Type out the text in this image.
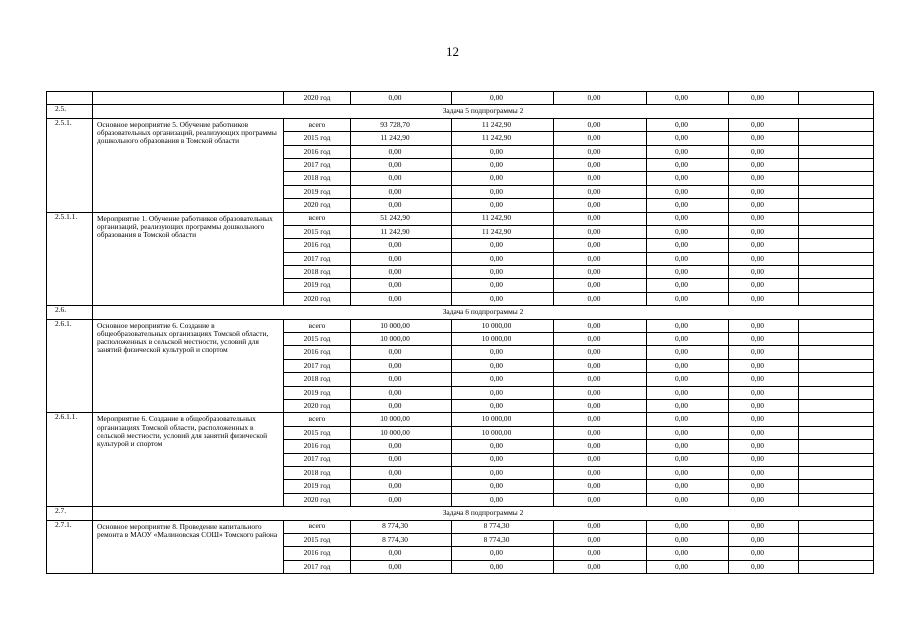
12
		2020 год	0,00	0,00	0,00	0,00	0,00	
2.5.	Задача 5 подпрограммы 2							
2.5.1.	Основное мероприятие 5. Обучение работников образовательных организаций, реализующих программы дошкольного образования в Томской области	всего	93 728,70	11 242,90	0,00	0,00	0,00	
		2015 год	11 242,90	11 242,90	0,00	0,00	0,00	
		2016 год	0,00	0,00	0,00	0,00	0,00	
		2017 год	0,00	0,00	0,00	0,00	0,00	
		2018 год	0,00	0,00	0,00	0,00	0,00	
		2019 год	0,00	0,00	0,00	0,00	0,00	
		2020 год	0,00	0,00	0,00	0,00	0,00	
2.5.1.1.	Мероприятие 1. Обучение работников образовательных организаций, реализующих программы дошкольного образования в Томской области	всего	51 242,90	11 242,90	0,00	0,00	0,00	
		2015 год	11 242,90	11 242,90	0,00	0,00	0,00	
		2016 год	0,00	0,00	0,00	0,00	0,00	
		2017 год	0,00	0,00	0,00	0,00	0,00	
		2018 год	0,00	0,00	0,00	0,00	0,00	
		2019 год	0,00	0,00	0,00	0,00	0,00	
		2020 год	0,00	0,00	0,00	0,00	0,00	
2.6.	Задача 6 подпрограммы 2							
2.6.1.	Основное мероприятие 6. Создание в общеобразовательных организациях Томской области, расположенных в сельской местности, условий для занятий физической культурой и спортом	всего	10 000,00	10 000,00	0,00	0,00	0,00	
		2015 год	10 000,00	10 000,00	0,00	0,00	0,00	
		2016 год	0,00	0,00	0,00	0,00	0,00	
		2017 год	0,00	0,00	0,00	0,00	0,00	
		2018 год	0,00	0,00	0,00	0,00	0,00	
		2019 год	0,00	0,00	0,00	0,00	0,00	
		2020 год	0,00	0,00	0,00	0,00	0,00	
2.6.1.1.	Мероприятие 6. Создание в общеобразовательных организациях Томской области, расположенных в сельской местности, условий для занятий физической культурой и спортом	всего	10 000,00	10 000,00	0,00	0,00	0,00	
		2015 год	10 000,00	10 000,00	0,00	0,00	0,00	
		2016 год	0,00	0,00	0,00	0,00	0,00	
		2017 год	0,00	0,00	0,00	0,00	0,00	
		2018 год	0,00	0,00	0,00	0,00	0,00	
		2019 год	0,00	0,00	0,00	0,00	0,00	
		2020 год	0,00	0,00	0,00	0,00	0,00	
2.7.	Задача 8 подпрограммы 2							
2.7.1.	Основное мероприятие 8. Проведение капитального ремонта в МАОУ «Малиновская СОШ» Томского района	всего	8 774,30	8 774,30	0,00	0,00	0,00	
		2015 год	8 774,30	8 774,30	0,00	0,00	0,00	
		2016 год	0,00	0,00	0,00	0,00	0,00	
		2017 год	0,00	0,00	0,00	0,00	0,00	
